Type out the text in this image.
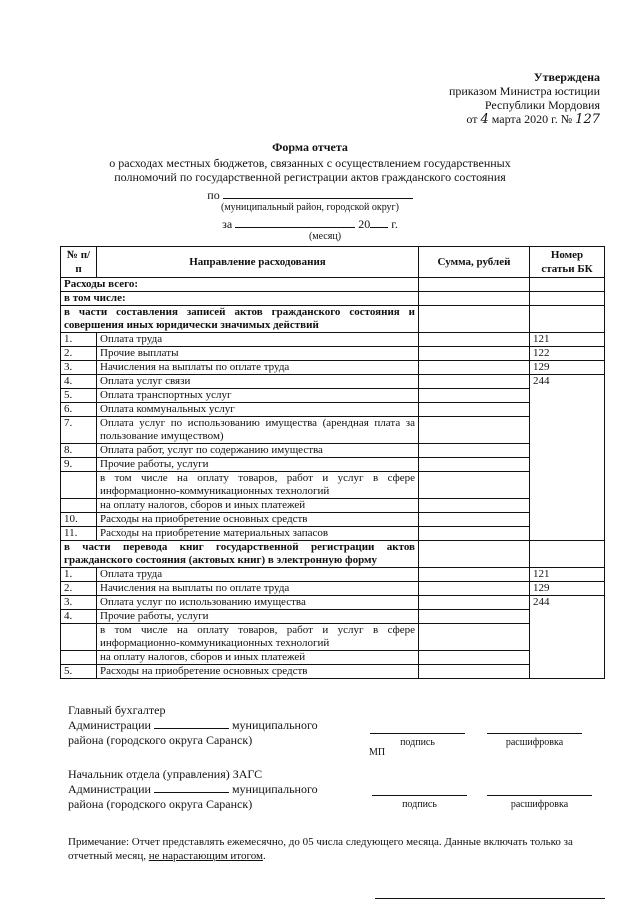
Утверждена
приказом Министра юстиции
Республики Мордовия
от 4 марта 2020 г. № 127
Форма отчета
о расходах местных бюджетов, связанных с осуществлением государственных полномочий по государственной регистрации актов гражданского состояния
по
(муниципальный район, городской округ)
за	20 г.
(месяц)
№ п/п	Направление расходования	Сумма, рублей	Номер статьи БК
Расходы всего:			
в том числе:			
в части составления записей актов гражданского состояния и совершения иных юридически значимых действий			
1.	Оплата труда		121
2.	Прочие выплаты		122
3.	Начисления на выплаты по оплате труда		129
4.	Оплата услуг связи		244
5.	Оплата транспортных услуг		
6.	Оплата коммунальных услуг		
7.	Оплата услуг по использованию имущества (арендная плата за пользование имуществом)		
8.	Оплата работ, услуг по содержанию имущества		
9.	Прочие работы, услуги		
	в том числе на оплату товаров, работ и услуг в сфере информационно-коммуникационных технологий		
	на оплату налогов, сборов и иных платежей		
10.	Расходы на приобретение основных средств		
11.	Расходы на приобретение материальных запасов		
в части перевода книг государственной регистрации актов гражданского состояния (актовых книг) в электронную форму			
1.	Оплата труда		121
2.	Начисления на выплаты по оплате труда		129
3.	Оплата услуг по использованию имущества		244
4.	Прочие работы, услуги		
	в том числе на оплату товаров, работ и услуг в сфере информационно-коммуникационных технологий		
	на оплату налогов, сборов и иных платежей		
5.	Расходы на приобретение основных средств		
Главный бухгалтер
Администрации	муниципального
района (городского округа Саранск)	подпись	расшифровка
МП
Начальник отдела (управления) ЗАГС
Администрации	муниципального
района (городского округа Саранск)	подпись	расшифровка
Примечание: Отчет представлять ежемесячно, до 05 числа следующего месяца. Данные включать только за отчетный месяц, не нарастающим итогом.
